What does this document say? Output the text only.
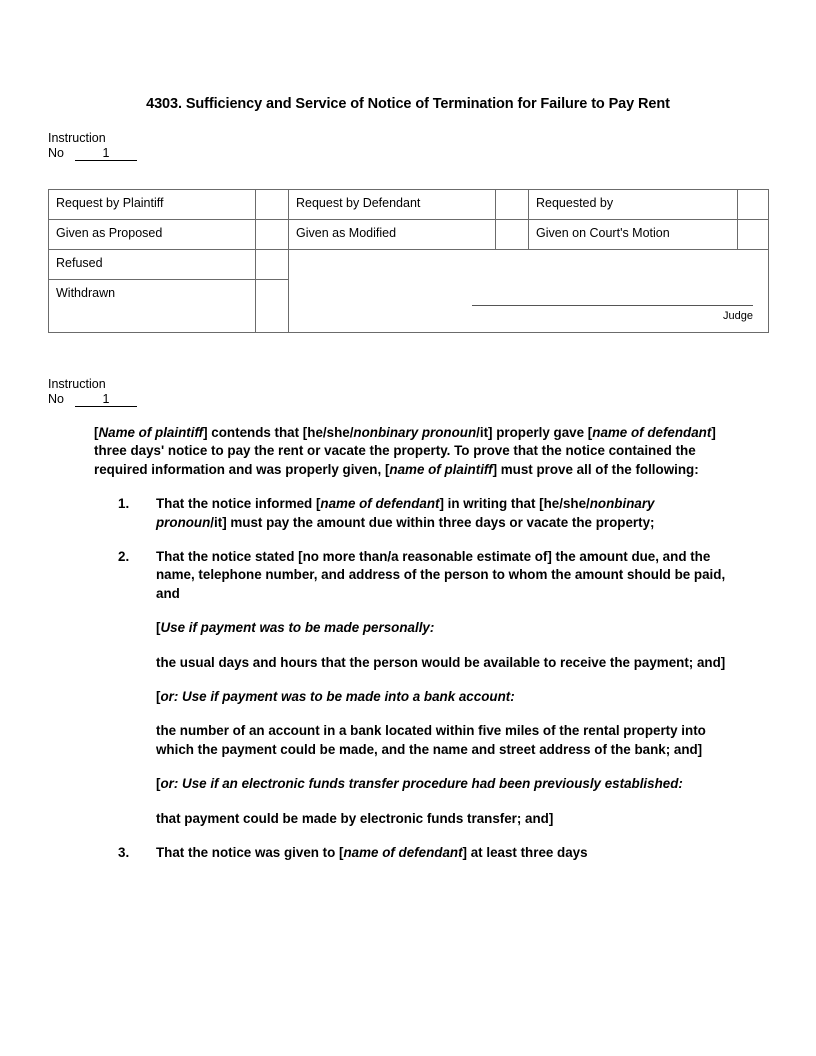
4303. Sufficiency and Service of Notice of Termination for Failure to Pay Rent
Instruction
No	1
Request by Plaintiff		Request by Defendant		Requested by	
Given as Proposed		Given as Modified		Given on Court's Motion	
Refused		Judge			

Withdrawn					
Instruction
No	1

[Name of plaintiff] contends that [he/she/nonbinary pronoun/it] properly gave [name of defendant] three days' notice to pay the rent or vacate the property. To prove that the notice contained the required information and was properly given, [name of plaintiff] must prove all of the following:

1. That the notice informed [name of defendant] in writing that [he/she/nonbinary pronoun/it] must pay the amount due within three days or vacate the property;
2. That the notice stated [no more than/a reasonable estimate of] the amount due, and the name, telephone number, and address of the person to whom the amount should be paid, and

[Use if payment was to be made personally:

the usual days and hours that the person would be available to receive the payment; and]

[or: Use if payment was to be made into a bank account:

the number of an account in a bank located within five miles of the rental property into which the payment could be made, and the name and street address of the bank; and]

[or: Use if an electronic funds transfer procedure had been previously established:

that payment could be made by electronic funds transfer; and]

3. That the notice was given to [name of defendant] at least three days
